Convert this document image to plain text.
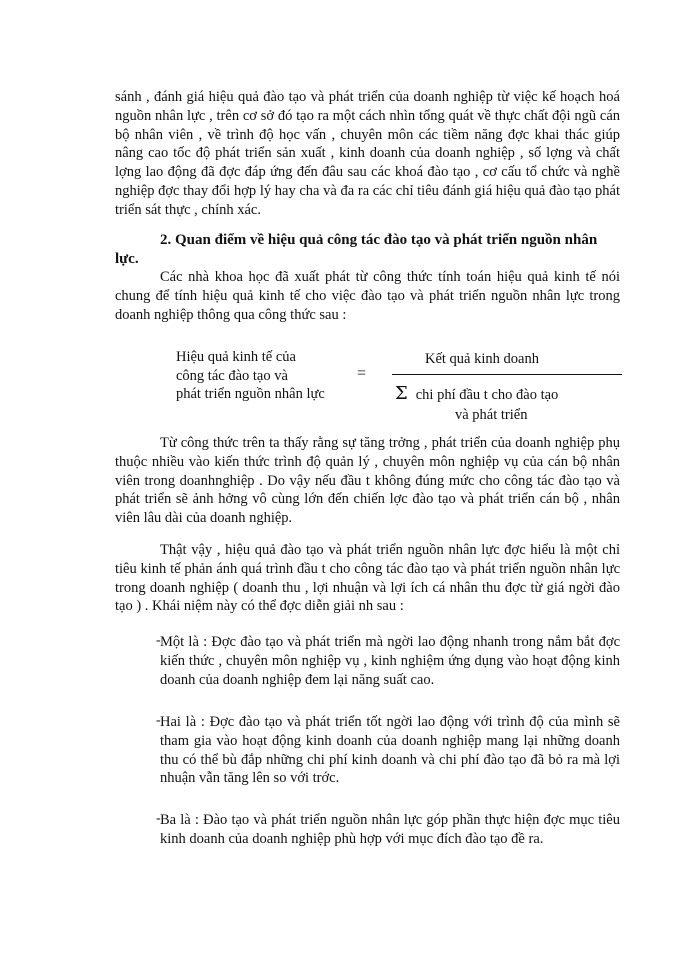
sánh , đánh giá hiệu quả đào tạo và phát triển của doanh nghiệp từ việc kế hoạch hoá nguồn nhân lực , trên cơ sở đó tạo ra một cách nhìn tổng quát về thực chất đội ngũ cán bộ nhân viên , về trình độ học vấn , chuyên môn các tiềm năng đợc khai thác giúp nâng cao tốc độ phát triển sản xuất , kinh doanh của doanh nghiệp , số lợng và chất lợng lao động đã đợc đáp ứng đến đâu sau các khoá đào tạo , cơ cấu tổ chức và nghề nghiệp đợc thay đổi hợp lý hay cha và đa ra các chỉ tiêu đánh giá hiệu quả đào tạo phát triển sát thực , chính xác.

2. Quan điểm về hiệu quả công tác đào tạo và phát triển nguồn nhân lực.

Các nhà khoa học đã xuất phát từ công thức tính toán hiệu quả kinh tế nói chung để tính hiệu quả kinh tế cho việc đào tạo và phát triển nguồn nhân lực trong doanh nghiệp thông qua công thức sau :

Hiệu quả kinh tế của
công tác đào tạo và
phát triển nguồn nhân lực
=
Kết quả kinh doanh
Σ chi phí đầu t cho đào tạo
và phát triển

Từ công thức trên ta thấy rằng sự tăng trởng , phát triển của doanh nghiệp phụ thuộc nhiều vào kiến thức trình độ quản lý , chuyên môn nghiệp vụ của cán bộ nhân viên trong doanhnghiệp . Do vậy nếu đầu t không đúng mức cho công tác đào tạo và phát triển sẽ ảnh hởng vô cùng lớn đến chiến lợc đào tạo và phát triển cán bộ , nhân viên lâu dài của doanh nghiệp.

Thật vậy , hiệu quả đào tạo và phát triển nguồn nhân lực đợc hiểu là một chỉ tiêu kinh tế phản ánh quá trình đầu t cho công tác đào tạo và phát triển nguồn nhân lực trong doanh nghiệp ( doanh thu , lợi nhuận và lợi ích cá nhân thu đợc từ giá ngời đào tạo ) . Khái niệm này có thể đợc diễn giải nh sau :

- Một là : Đợc đào tạo và phát triển mà ngời lao động nhanh trong nắm bắt đợc kiến thức , chuyên môn nghiệp vụ , kinh nghiệm ứng dụng vào hoạt động kinh doanh của doanh nghiệp đem lại năng suất cao.

- Hai là : Đợc đào tạo và phát triển tốt ngời lao động với trình độ của mình sẽ tham gia vào hoạt động kinh doanh của doanh nghiệp mang lại những doanh thu có thể bù đắp những chi phí kinh doanh và chi phí đào tạo đã bỏ ra mà lợi nhuận vẫn tăng lên so với trớc.

- Ba là : Đào tạo và phát triển nguồn nhân lực góp phần thực hiện đợc mục tiêu kinh doanh của doanh nghiệp phù hợp với mục đích đào tạo đề ra.
